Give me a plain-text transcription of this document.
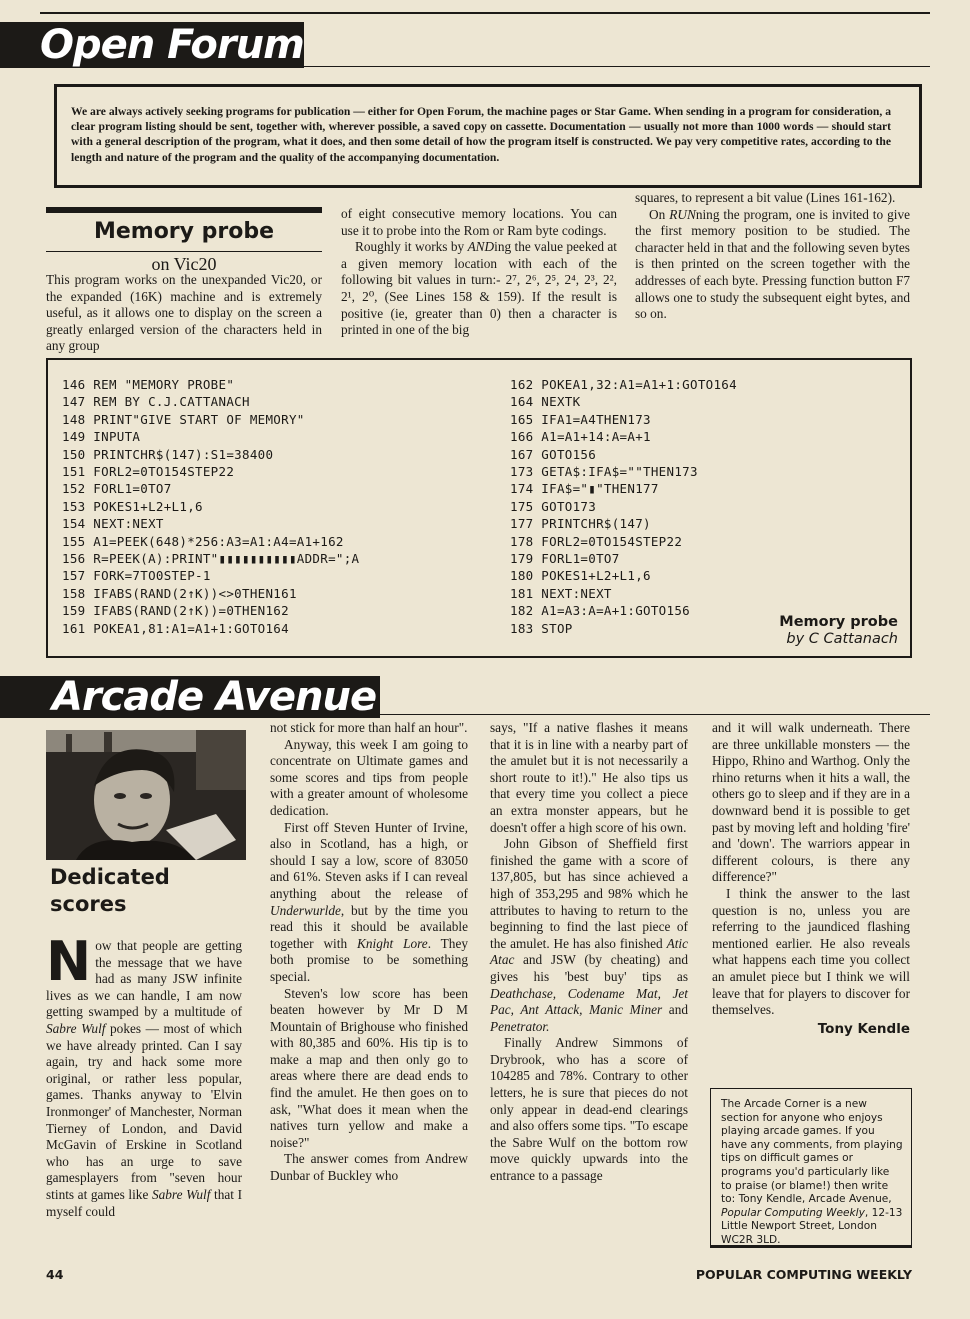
Open Forum
We are always actively seeking programs for publication — either for Open Forum, the machine pages or Star Game. When sending in a program for consideration, a clear program listing should be sent, together with, wherever possible, a saved copy on cassette. Documentation — usually not more than 1000 words — should start with a general description of the program, what it does, and then some detail of how the program itself is constructed. We pay very competitive rates, according to the length and nature of the program and the quality of the accompanying documentation.
Memory probe
on Vic20

This program works on the unexpanded Vic20, or the expanded (16K) machine and is extremely useful, as it allows one to display on the screen a greatly enlarged version of the characters held in any group

of eight consecutive memory locations. You can use it to probe into the Rom or Ram byte codings.

Roughly it works by ANDing the value peeked at a given memory location with each of the following bit values in turn:- 2⁷, 2⁶, 2⁵, 2⁴, 2³, 2², 2¹, 2⁰, (See Lines 158 & 159). If the result is positive (ie, greater than 0) then a character is printed in one of the big

squares, to represent a bit value (Lines 161-162).

On RUNning the program, one is invited to give the first memory position to be studied. The character held in that and the following seven bytes is then printed on the screen together with the addresses of each byte. Pressing function button F7 allows one to study the subsequent eight bytes, and so on.

146 REM "MEMORY PROBE"
147 REM BY C.J.CATTANACH
148 PRINT"GIVE START OF MEMORY"
149 INPUTA
150 PRINTCHR$(147):S1=38400
151 FORL2=0TO154STEP22
152 FORL1=0TO7
153 POKES1+L2+L1,6
154 NEXT:NEXT
155 A1=PEEK(648)*256:A3=A1:A4=A1+162
156 R=PEEK(A):PRINT"▮▮▮▮▮▮▮▮▮▮ADDR=";A
157 FORK=7TO0STEP-1
158 IFABS(RAND(2↑K))<>0THEN161
159 IFABS(RAND(2↑K))=0THEN162
161 POKEA1,81:A1=A1+1:GOTO164
162 POKEA1,32:A1=A1+1:GOTO164
164 NEXTK
165 IFA1=A4THEN173
166 A1=A1+14:A=A+1
167 GOTO156
173 GETA$:IFA$=""THEN173
174 IFA$="▮"THEN177
175 GOTO173
177 PRINTCHR$(147)
178 FORL2=0TO154STEP22
179 FORL1=0TO7
180 POKES1+L2+L1,6
181 NEXT:NEXT
182 A1=A3:A=A+1:GOTO156
183 STOP	Memory probe
by C Cattanach
Arcade Avenue
Dedicated
scores

Now that people are getting the message that we have had as many JSW infinite lives as we can handle, I am now getting swamped by a multitude of Sabre Wulf pokes — most of which we have already printed. Can I say again, try and hack some more original, or rather less popular, games. Thanks anyway to 'Elvin Ironmonger' of Manchester, Norman Tierney of London, and David McGavin of Erskine in Scotland who has an urge to save gamesplayers from "seven hour stints at games like Sabre Wulf that I myself could

not stick for more than half an hour".

Anyway, this week I am going to concentrate on Ultimate games and some scores and tips from people with a greater amount of wholesome dedication.

First off Steven Hunter of Irvine, also in Scotland, has a high, or should I say a low, score of 83050 and 61%. Steven asks if I can reveal anything about the release of Underwurlde, but by the time you read this it should be available together with Knight Lore. They both promise to be something special.

Steven's low score has been beaten however by Mr D M Mountain of Brighouse who finished with 80,385 and 60%. His tip is to make a map and then only go to areas where there are dead ends to find the amulet. He then goes on to ask, "What does it mean when the natives turn yellow and make a noise?"

The answer comes from Andrew Dunbar of Buckley who

says, "If a native flashes it means that it is in line with a nearby part of the amulet but it is not necessarily a short route to it!)." He also tips us that every time you collect a piece an extra monster appears, but he doesn't offer a high score of his own.

John Gibson of Sheffield first finished the game with a score of 137,805, but has since achieved a high of 353,295 and 98% which he attributes to having to return to the beginning to find the last piece of the amulet. He has also finished Atic Atac and JSW (by cheating) and gives his 'best buy' tips as Deathchase, Codename Mat, Jet Pac, Ant Attack, Manic Miner and Penetrator.

Finally Andrew Simmons of Drybrook, who has a score of 104285 and 78%. Contrary to other letters, he is sure that pieces do not only appear in dead-end clearings and also offers some tips. "To escape the Sabre Wulf on the bottom row move quickly upwards into the entrance to a passage

and it will walk underneath. There are three unkillable monsters — the Hippo, Rhino and Warthog. Only the rhino returns when it hits a wall, the others go to sleep and if they are in a downward bend it is possible to get past by moving left and holding 'fire' and 'down'. The warriors appear in different colours, is there any difference?"

I think the answer to the last question is no, unless you are referring to the jaundiced flashing mentioned earlier. He also reveals what happens each time you collect an amulet piece but I think we will leave that for players to discover for themselves.

Tony Kendle
The Arcade Corner is a new section for anyone who enjoys playing arcade games. If you have any comments, from playing tips on difficult games or programs you'd particularly like to praise (or blame!) then write to: Tony Kendle, Arcade Avenue, Popular Computing Weekly, 12-13 Little Newport Street, London WC2R 3LD.
44	POPULAR COMPUTING WEEKLY
